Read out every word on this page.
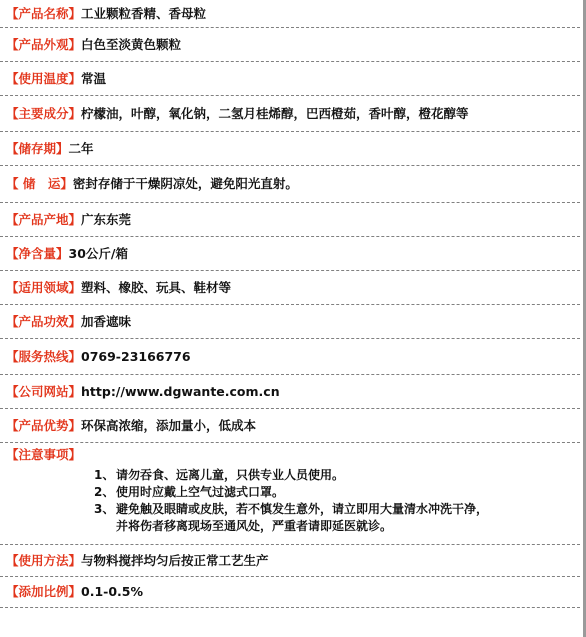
【产品名称】 工业颗粒香精、香母粒
【产品外观】 白色至淡黄色颗粒
【使用温度】 常温
【主要成分】 柠檬油，叶醇，氧化钠，二氢月桂烯醇，巴西橙茹，香叶醇，橙花醇等
【储存期】 二年
【 储　运】 密封存储于干燥阴凉处，避免阳光直射。
【产品产地】 广东东莞
【净含量】 30公斤/箱
【适用领域】 塑料、橡胶、玩具、鞋材等
【产品功效】 加香遮味
【服务热线】 0769-23166776
【公司网站】 http://www.dgwante.com.cn
【产品优势】 环保高浓缩，添加量小，低成本
【注意事项】
1、 请勿吞食、远离儿童，只供专业人员使用。
2、 使用时应戴上空气过滤式口罩。
3、 避免触及眼睛或皮肤，若不慎发生意外，请立即用大量清水冲洗干净，
并将伤者移离现场至通风处，严重者请即延医就诊。
【使用方法】 与物料搅拌均匀后按正常工艺生产
【添加比例】 0.1-0.5%
